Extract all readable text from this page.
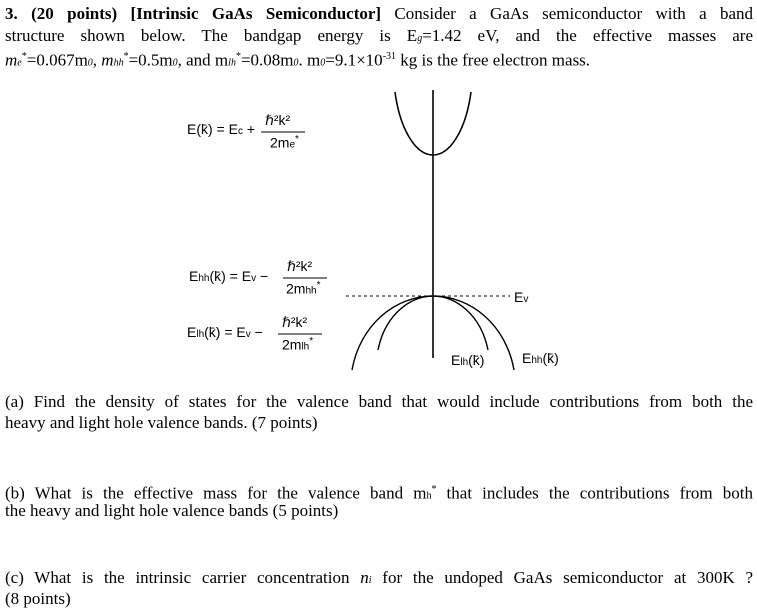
3. (20 points) [Intrinsic GaAs Semiconductor] Consider a GaAs semiconductor with a band
structure shown below. The bandgap energy is Eg=1.42 eV, and the effective masses are
me*=0.067m0, mhh*=0.5m0, and mlh*=0.08m0. $m0=9.1\times 10^{-31}$ kg is the free electron mass.
E(k̄) = Ec +
ℏ²k²
2me*
Ehh(k̄) = Ev −
ℏ²k²
2mhh*
Elh(k̄) = Ev −
ℏ²k²
2mlh*
Ev
Elh(k̄)	Ehh(k̄)
(a) Find the density of states for the valence band that would include contributions from both the
heavy and light hole valence bands. (7 points)
(b) What is the effective mass for the valence band mh* that includes the contributions from both
the heavy and light hole valence bands (5 points)
(c) What is the intrinsic carrier concentration ni for the undoped GaAs semiconductor at 300K ?
(8 points)
